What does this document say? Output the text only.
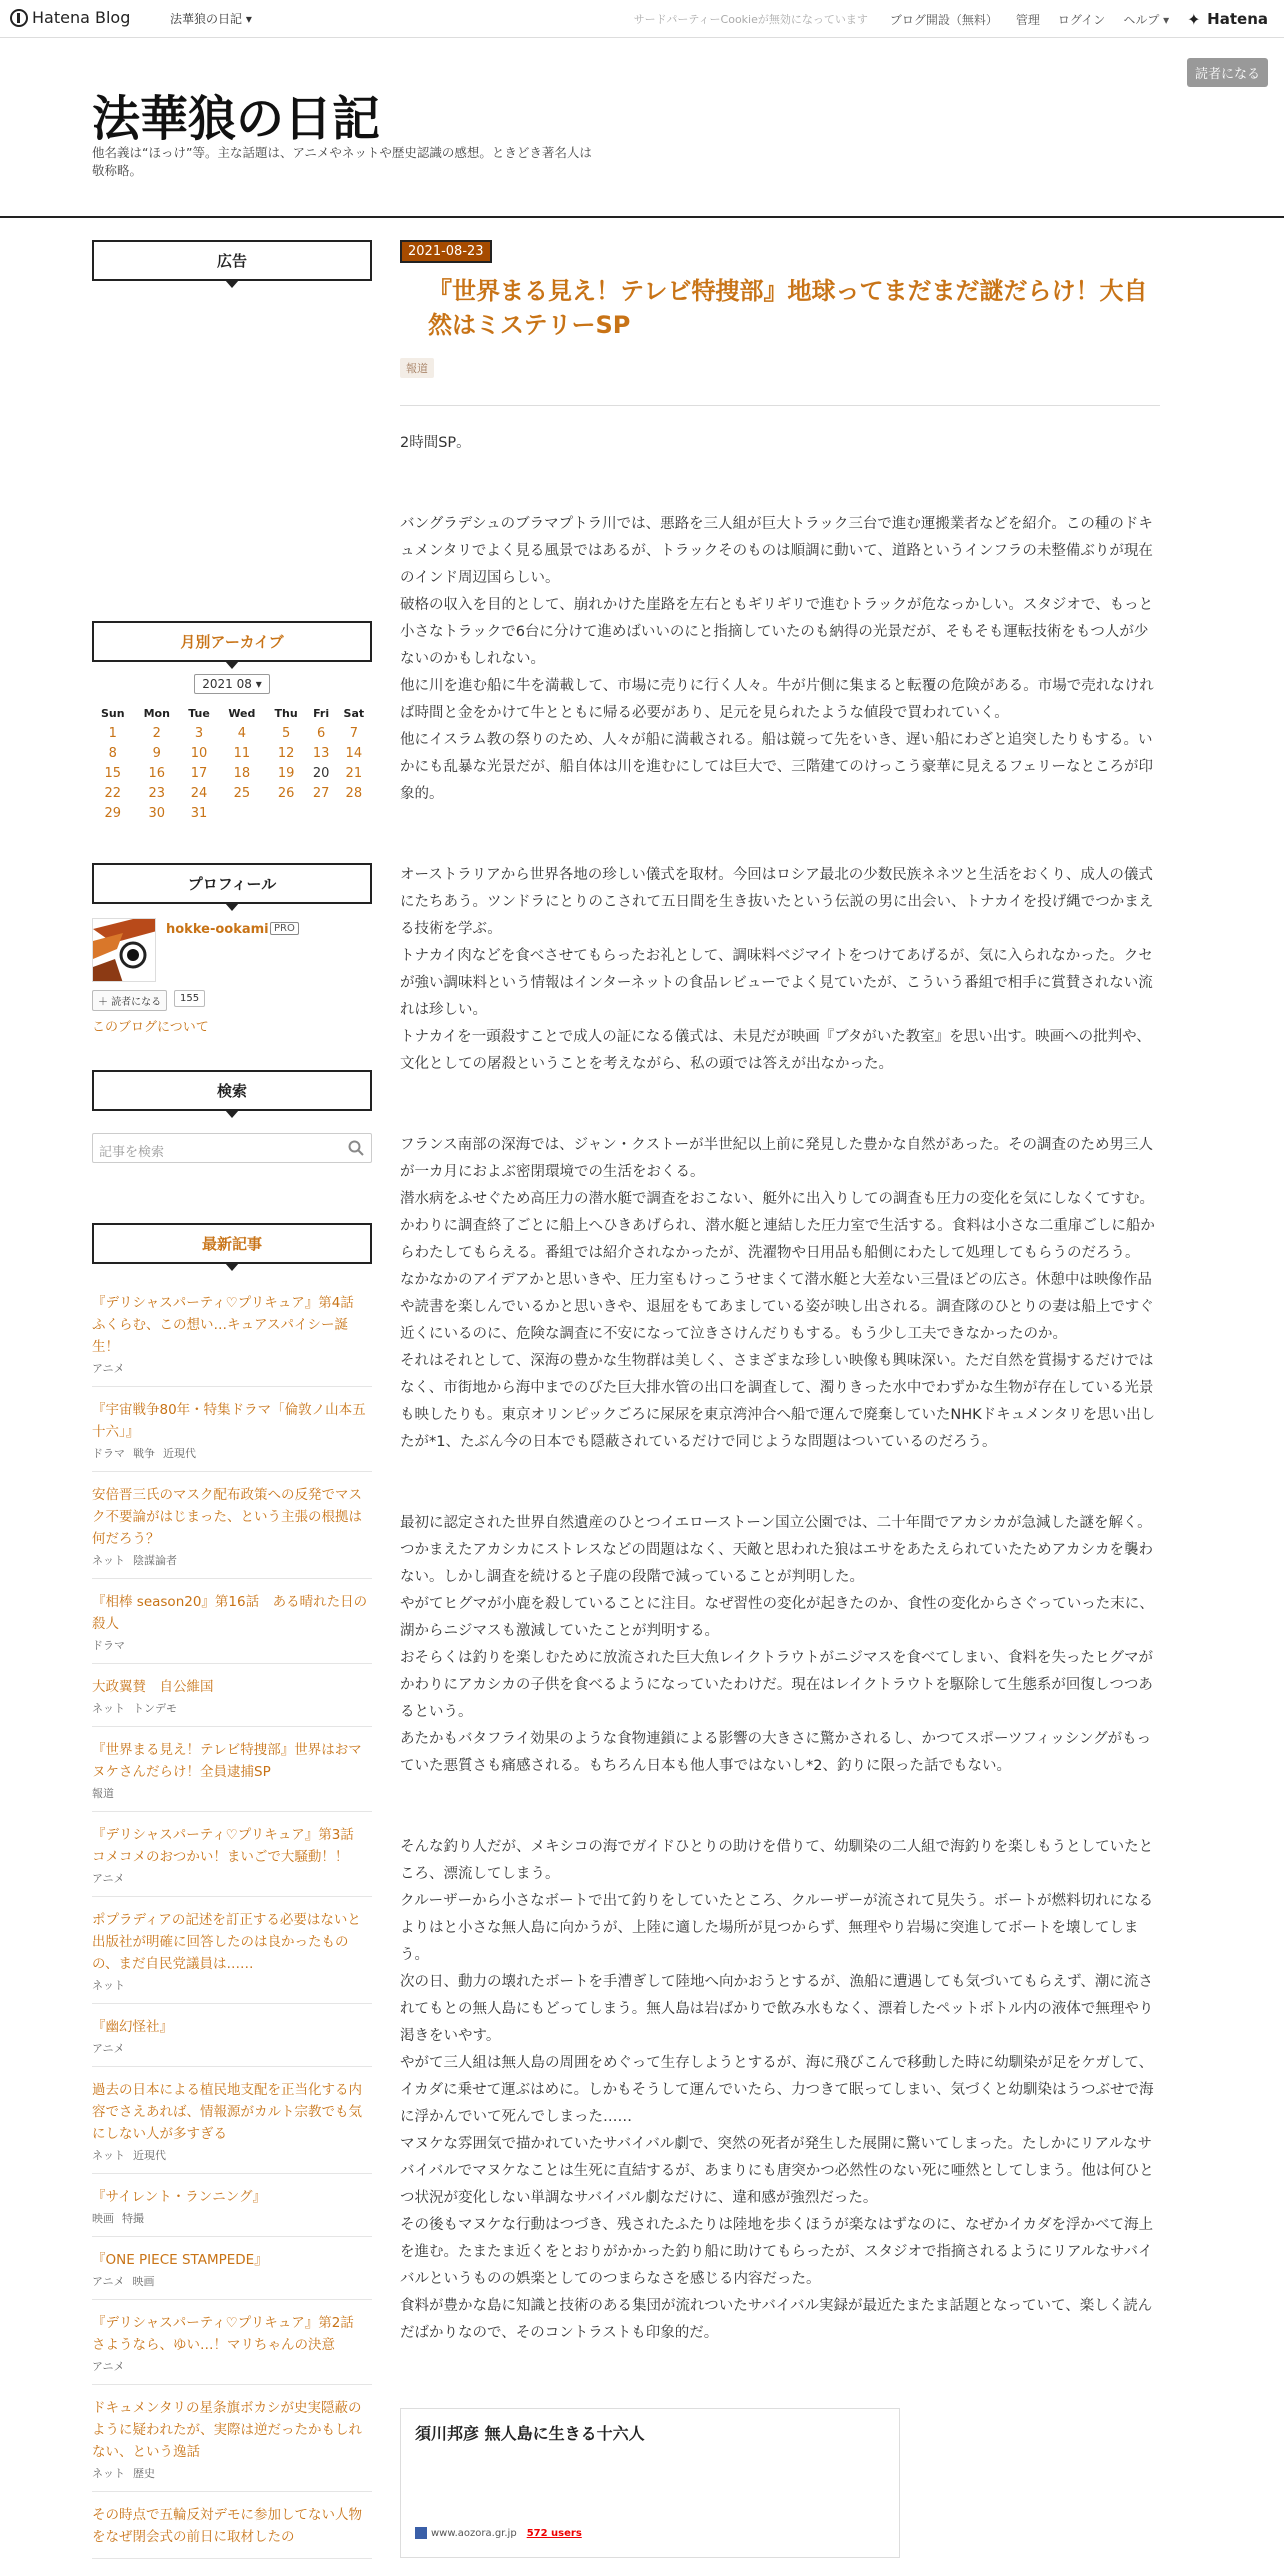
Hatena Blog	法華狼の日記 ▾	サードパーティーCookieが無効になっています ブログ開設（無料） 管理 ログイン ヘルプ ▾ ✦	Hatena
法華狼の日記
他名義は“ほっけ”等。主な話題は、アニメやネットや歴史認識の感想。ときどき著名人は敬称略。
読者になる
広告
月別アーカイブ
2021 08 ▾
Sun	Mon	Tue	Wed	Thu	Fri	Sat
1	2	3	4	5	6	7
8	9	10	11	12	13	14
15	16	17	18	19	20	21
22	23	24	25	26	27	28
29	30	31				
プロフィール
hokke-ookami PRO
＋ 読者になる	155
このブログについて
検索
記事を検索
最新記事
『デリシャスパーティ♡プリキュア』第4話　ふくらむ、この想い…キュアスパイシー誕生！
アニメ
『宇宙戦争80年・特集ドラマ「倫敦ノ山本五十六」』
ドラマ 戦争 近現代
安倍晋三氏のマスク配布政策への反発でマスク不要論がはじまった、という主張の根拠は何だろう？
ネット 陰謀論者
『相棒 season20』第16話　ある晴れた日の殺人
ドラマ
大政翼賛　自公維国
ネット トンデモ
『世界まる見え！テレビ特捜部』世界はおマヌケさんだらけ！全員逮捕SP
報道
『デリシャスパーティ♡プリキュア』第3話　コメコメのおつかい！まいごで大騒動！！
アニメ
ポプラディアの記述を訂正する必要はないと出版社が明確に回答したのは良かったものの、まだ自民党議員は……
ネット
『幽幻怪社』
アニメ
過去の日本による植民地支配を正当化する内容でさえあれば、情報源がカルト宗教でも気にしない人が多すぎる
ネット 近現代
『サイレント・ランニング』
映画 特撮
『ONE PIECE STAMPEDE』
アニメ 映画
『デリシャスパーティ♡プリキュア』第2話　さようなら、ゆい…！マリちゃんの決意
アニメ
ドキュメンタリの星条旗ボカシが史実隠蔽のように疑われたが、実際は逆だったかもしれない、という逸話
ネット 歴史
その時点で五輪反対デモに参加してない人物をなぜ閉会式の前日に取材したの
2021-08-23
『世界まる見え！テレビ特捜部』地球ってまだまだ謎だらけ！大自然はミステリーSP
報道

2時間SP。

バングラデシュのブラマプトラ川では、悪路を三人組が巨大トラック三台で進む運搬業者などを紹介。この種のドキュメンタリでよく見る風景ではあるが、トラックそのものは順調に動いて、道路というインフラの未整備ぶりが現在のインド周辺国らしい。

破格の収入を目的として、崩れかけた崖路を左右ともギリギリで進むトラックが危なっかしい。スタジオで、もっと小さなトラックで6台に分けて進めばいいのにと指摘していたのも納得の光景だが、そもそも運転技術をもつ人が少ないのかもしれない。

他に川を進む船に牛を満載して、市場に売りに行く人々。牛が片側に集まると転覆の危険がある。市場で売れなければ時間と金をかけて牛とともに帰る必要があり、足元を見られたような値段で買われていく。

他にイスラム教の祭りのため、人々が船に満載される。船は競って先をいき、遅い船にわざと追突したりもする。いかにも乱暴な光景だが、船自体は川を進むにしては巨大で、三階建てのけっこう豪華に見えるフェリーなところが印象的。

オーストラリアから世界各地の珍しい儀式を取材。今回はロシア最北の少数民族ネネツと生活をおくり、成人の儀式にたちあう。ツンドラにとりのこされて五日間を生き抜いたという伝説の男に出会い、トナカイを投げ縄でつかまえる技術を学ぶ。

トナカイ肉などを食べさせてもらったお礼として、調味料ベジマイトをつけてあげるが、気に入られなかった。クセが強い調味料という情報はインターネットの食品レビューでよく見ていたが、こういう番組で相手に賞賛されない流れは珍しい。

トナカイを一頭殺すことで成人の証になる儀式は、未見だが映画『ブタがいた教室』を思い出す。映画への批判や、文化としての屠殺ということを考えながら、私の頭では答えが出なかった。

フランス南部の深海では、ジャン・クストーが半世紀以上前に発見した豊かな自然があった。その調査のため男三人が一カ月におよぶ密閉環境での生活をおくる。

潜水病をふせぐため高圧力の潜水艇で調査をおこない、艇外に出入りしての調査も圧力の変化を気にしなくてすむ。かわりに調査終了ごとに船上へひきあげられ、潜水艇と連結した圧力室で生活する。食料は小さな二重扉ごしに船からわたしてもらえる。番組では紹介されなかったが、洗濯物や日用品も船側にわたして処理してもらうのだろう。

なかなかのアイデアかと思いきや、圧力室もけっこうせまくて潜水艇と大差ない三畳ほどの広さ。休憩中は映像作品や読書を楽しんでいるかと思いきや、退屈をもてあましている姿が映し出される。調査隊のひとりの妻は船上ですぐ近くにいるのに、危険な調査に不安になって泣きさけんだりもする。もう少し工夫できなかったのか。

それはそれとして、深海の豊かな生物群は美しく、さまざまな珍しい映像も興味深い。ただ自然を賞揚するだけではなく、市街地から海中までのびた巨大排水管の出口を調査して、濁りきった水中でわずかな生物が存在している光景も映したりも。東京オリンピックごろに屎尿を東京湾沖合へ船で運んで廃棄していたNHKドキュメンタリを思い出したが*1、たぶん今の日本でも隠蔽されているだけで同じような問題はついているのだろう。

最初に認定された世界自然遺産のひとつイエローストーン国立公園では、二十年間でアカシカが急減した謎を解く。

つかまえたアカシカにストレスなどの問題はなく、天敵と思われた狼はエサをあたえられていたためアカシカを襲わない。しかし調査を続けると子鹿の段階で減っていることが判明した。

やがてヒグマが小鹿を殺していることに注目。なぜ習性の変化が起きたのか、食性の変化からさぐっていった末に、湖からニジマスも激減していたことが判明する。

おそらくは釣りを楽しむために放流された巨大魚レイクトラウトがニジマスを食べてしまい、食料を失ったヒグマがかわりにアカシカの子供を食べるようになっていたわけだ。現在はレイクトラウトを駆除して生態系が回復しつつあるという。

あたかもバタフライ効果のような食物連鎖による影響の大きさに驚かされるし、かつてスポーツフィッシングがもっていた悪質さも痛感される。もちろん日本も他人事ではないし*2、釣りに限った話でもない。

そんな釣り人だが、メキシコの海でガイドひとりの助けを借りて、幼馴染の二人組で海釣りを楽しもうとしていたところ、漂流してしまう。

クルーザーから小さなボートで出て釣りをしていたところ、クルーザーが流されて見失う。ボートが燃料切れになるよりはと小さな無人島に向かうが、上陸に適した場所が見つからず、無理やり岩場に突進してボートを壊してしまう。

次の日、動力の壊れたボートを手漕ぎして陸地へ向かおうとするが、漁船に遭遇しても気づいてもらえず、潮に流されてもとの無人島にもどってしまう。無人島は岩ばかりで飲み水もなく、漂着したペットボトル内の液体で無理やり渇きをいやす。

やがて三人組は無人島の周囲をめぐって生存しようとするが、海に飛びこんで移動した時に幼馴染が足をケガして、イカダに乗せて運ぶはめに。しかもそうして運んでいたら、力つきて眠ってしまい、気づくと幼馴染はうつぶせで海に浮かんでいて死んでしまった……

マヌケな雰囲気で描かれていたサバイバル劇で、突然の死者が発生した展開に驚いてしまった。たしかにリアルなサバイバルでマヌケなことは生死に直結するが、あまりにも唐突かつ必然性のない死に唖然としてしまう。他は何ひとつ状況が変化しない単調なサバイバル劇なだけに、違和感が強烈だった。

その後もマヌケな行動はつづき、残されたふたりは陸地を歩くほうが楽なはずなのに、なぜかイカダを浮かべて海上を進む。たまたま近くをとおりがかかった釣り船に助けてもらったが、スタジオで指摘されるようにリアルなサバイバルというものの娯楽としてのつまらなさを感じる内容だった。

食料が豊かな島に知識と技術のある集団が流れついたサバイバル実録が最近たまたま話題となっていて、楽しく読んだばかりなので、そのコントラストも印象的だ。

須川邦彦 無人島に生きる十六人
www.aozora.gr.jp 572 users
